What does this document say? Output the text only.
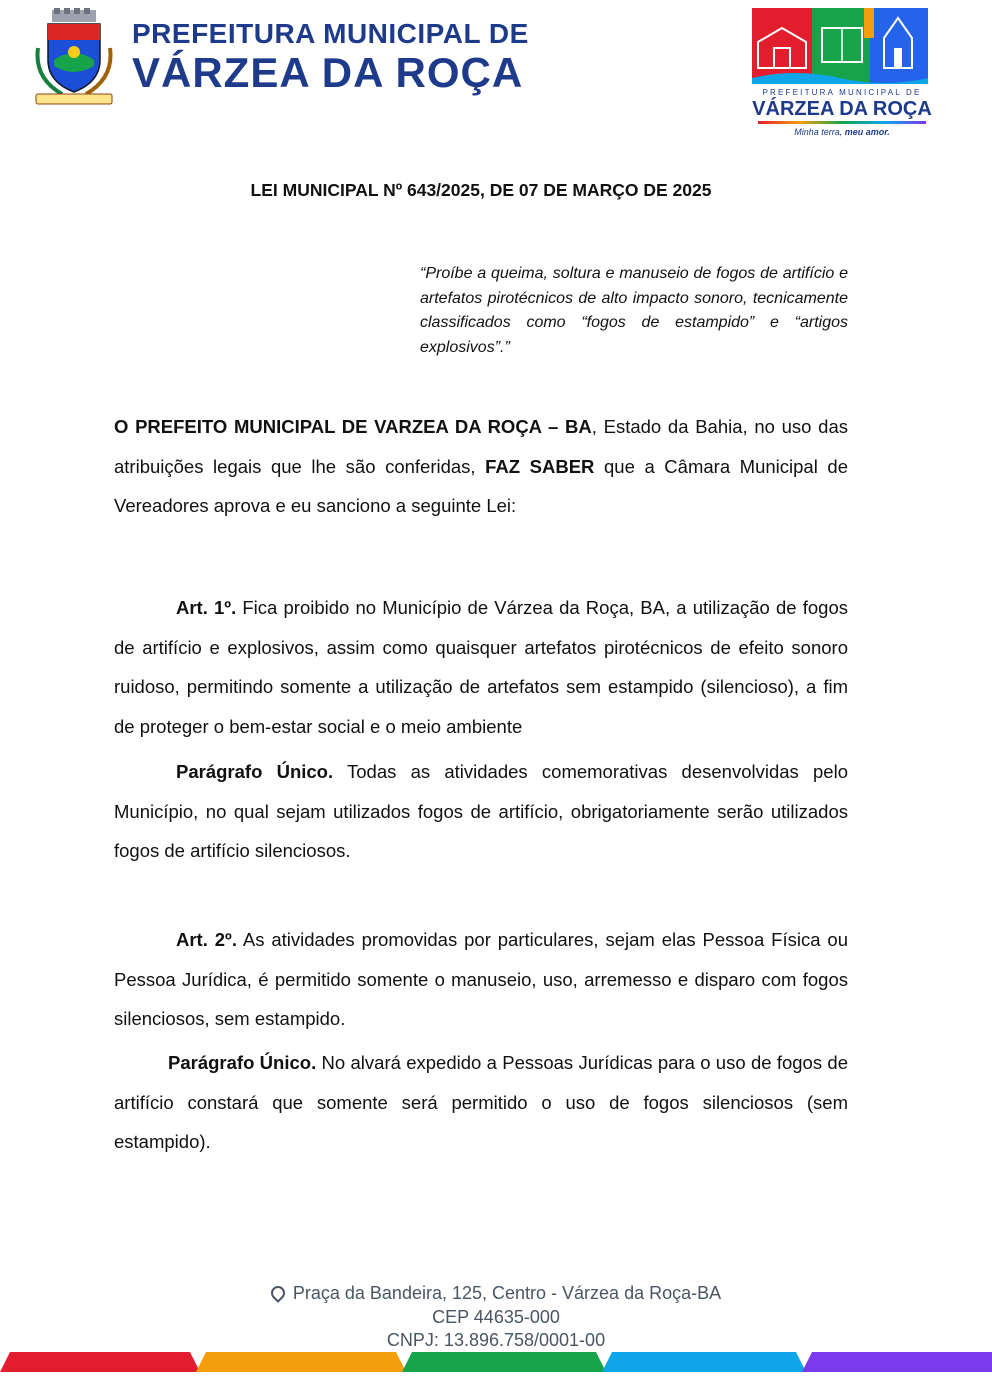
PREFEITURA MUNICIPAL DE
VÁRZEA DA ROÇA	PREFEITURA MUNICIPAL DE
VÁRZEA DA ROÇA
Minha terra, meu amor.
LEI MUNICIPAL Nº 643/2025, DE 07 DE MARÇO DE 2025
“Proíbe a queima, soltura e manuseio de fogos de artifício e artefatos pirotécnicos de alto impacto sonoro, tecnicamente classificados como “fogos de estampido” e “artigos explosivos”.”
O PREFEITO MUNICIPAL DE VARZEA DA ROÇA – BA, Estado da Bahia, no uso das atribuições legais que lhe são conferidas, FAZ SABER que a Câmara Municipal de Vereadores aprova e eu sanciono a seguinte Lei:
Art. 1º. Fica proibido no Município de Várzea da Roça, BA, a utilização de fogos de artifício e explosivos, assim como quaisquer artefatos pirotécnicos de efeito sonoro ruidoso, permitindo somente a utilização de artefatos sem estampido (silencioso), a fim de proteger o bem-estar social e o meio ambiente
Parágrafo Único. Todas as atividades comemorativas desenvolvidas pelo Município, no qual sejam utilizados fogos de artifício, obrigatoriamente serão utilizados fogos de artifício silenciosos.
Art. 2º. As atividades promovidas por particulares, sejam elas Pessoa Física ou Pessoa Jurídica, é permitido somente o manuseio, uso, arremesso e disparo com fogos silenciosos, sem estampido.
Parágrafo Único. No alvará expedido a Pessoas Jurídicas para o uso de fogos de artifício constará que somente será permitido o uso de fogos silenciosos (sem estampido).
Praça da Bandeira, 125, Centro - Várzea da Roça-BA
CEP 44635-000
CNPJ: 13.896.758/0001-00
